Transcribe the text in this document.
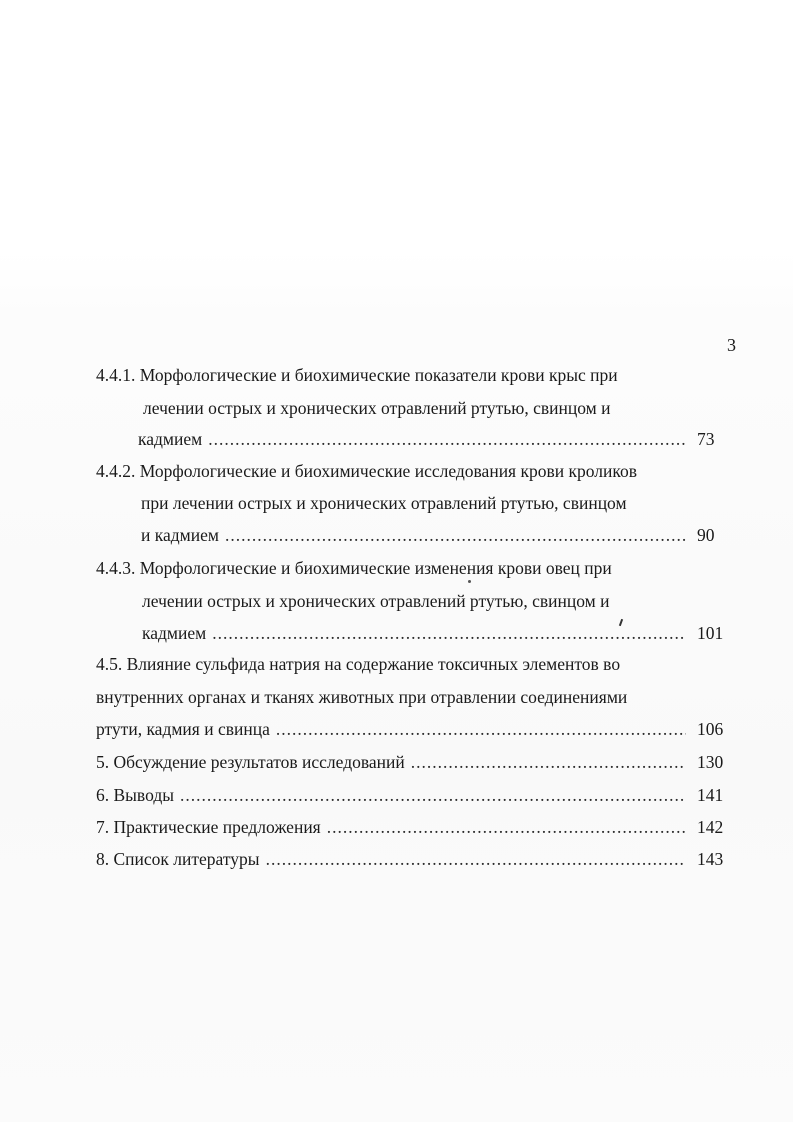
3
4.4.1. Морфологические и биохимические показатели крови крыс при
лечении острых и хронических отравлений ртутью, свинцом и
кадмием .....	73
4.4.2. Морфологические и биохимические исследования крови кроликов
при лечении острых и хронических отравлений ртутью, свинцом
и кадмием .....	90
4.4.3. Морфологические и биохимические изменения крови овец при
лечении острых и хронических отравлений ртутью, свинцом и
кадмием .....	101
4.5. Влияние сульфида натрия на содержание токсичных элементов во
внутренних органах и тканях животных при отравлении соединениями
ртути, кадмия и свинца .....	106
5. Обсуждение результатов исследований .....	130
6. Выводы .....	141
7. Практические предложения .....	142
8. Список литературы .....	143
